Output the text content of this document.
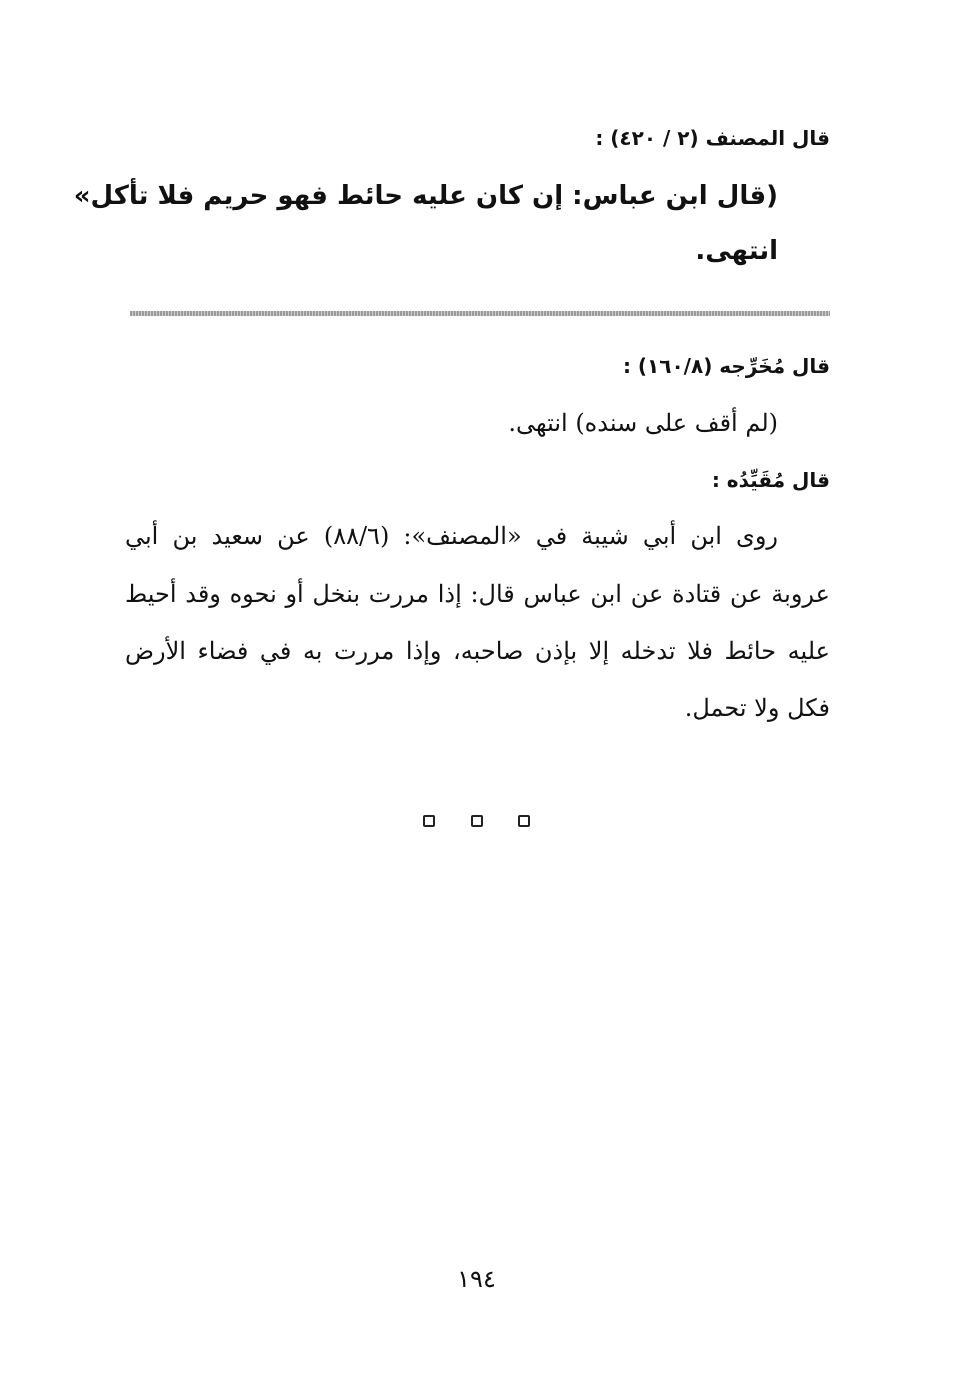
قال المصنف (٢ / ٤٢٠) :
(قال ابن عباس: إن كان عليه حائط فهو حريم فلا تأكل»
انتهى.
قال مُخَرِّجه (١٦٠/٨) :
(لم أقف على سنده) انتهى.
قال مُقَيِّدُه :
روى ابن أبي شيبة في «المصنف»: (٨٨/٦) عن سعيد بن أبي
عروبة عن قتادة عن ابن عباس قال: إذا مررت بنخل أو نحوه وقد أحيط
عليه حائط فلا تدخله إلا بإذن صاحبه، وإذا مررت به في فضاء الأرض
فكل ولا تحمل.

١٩٤
